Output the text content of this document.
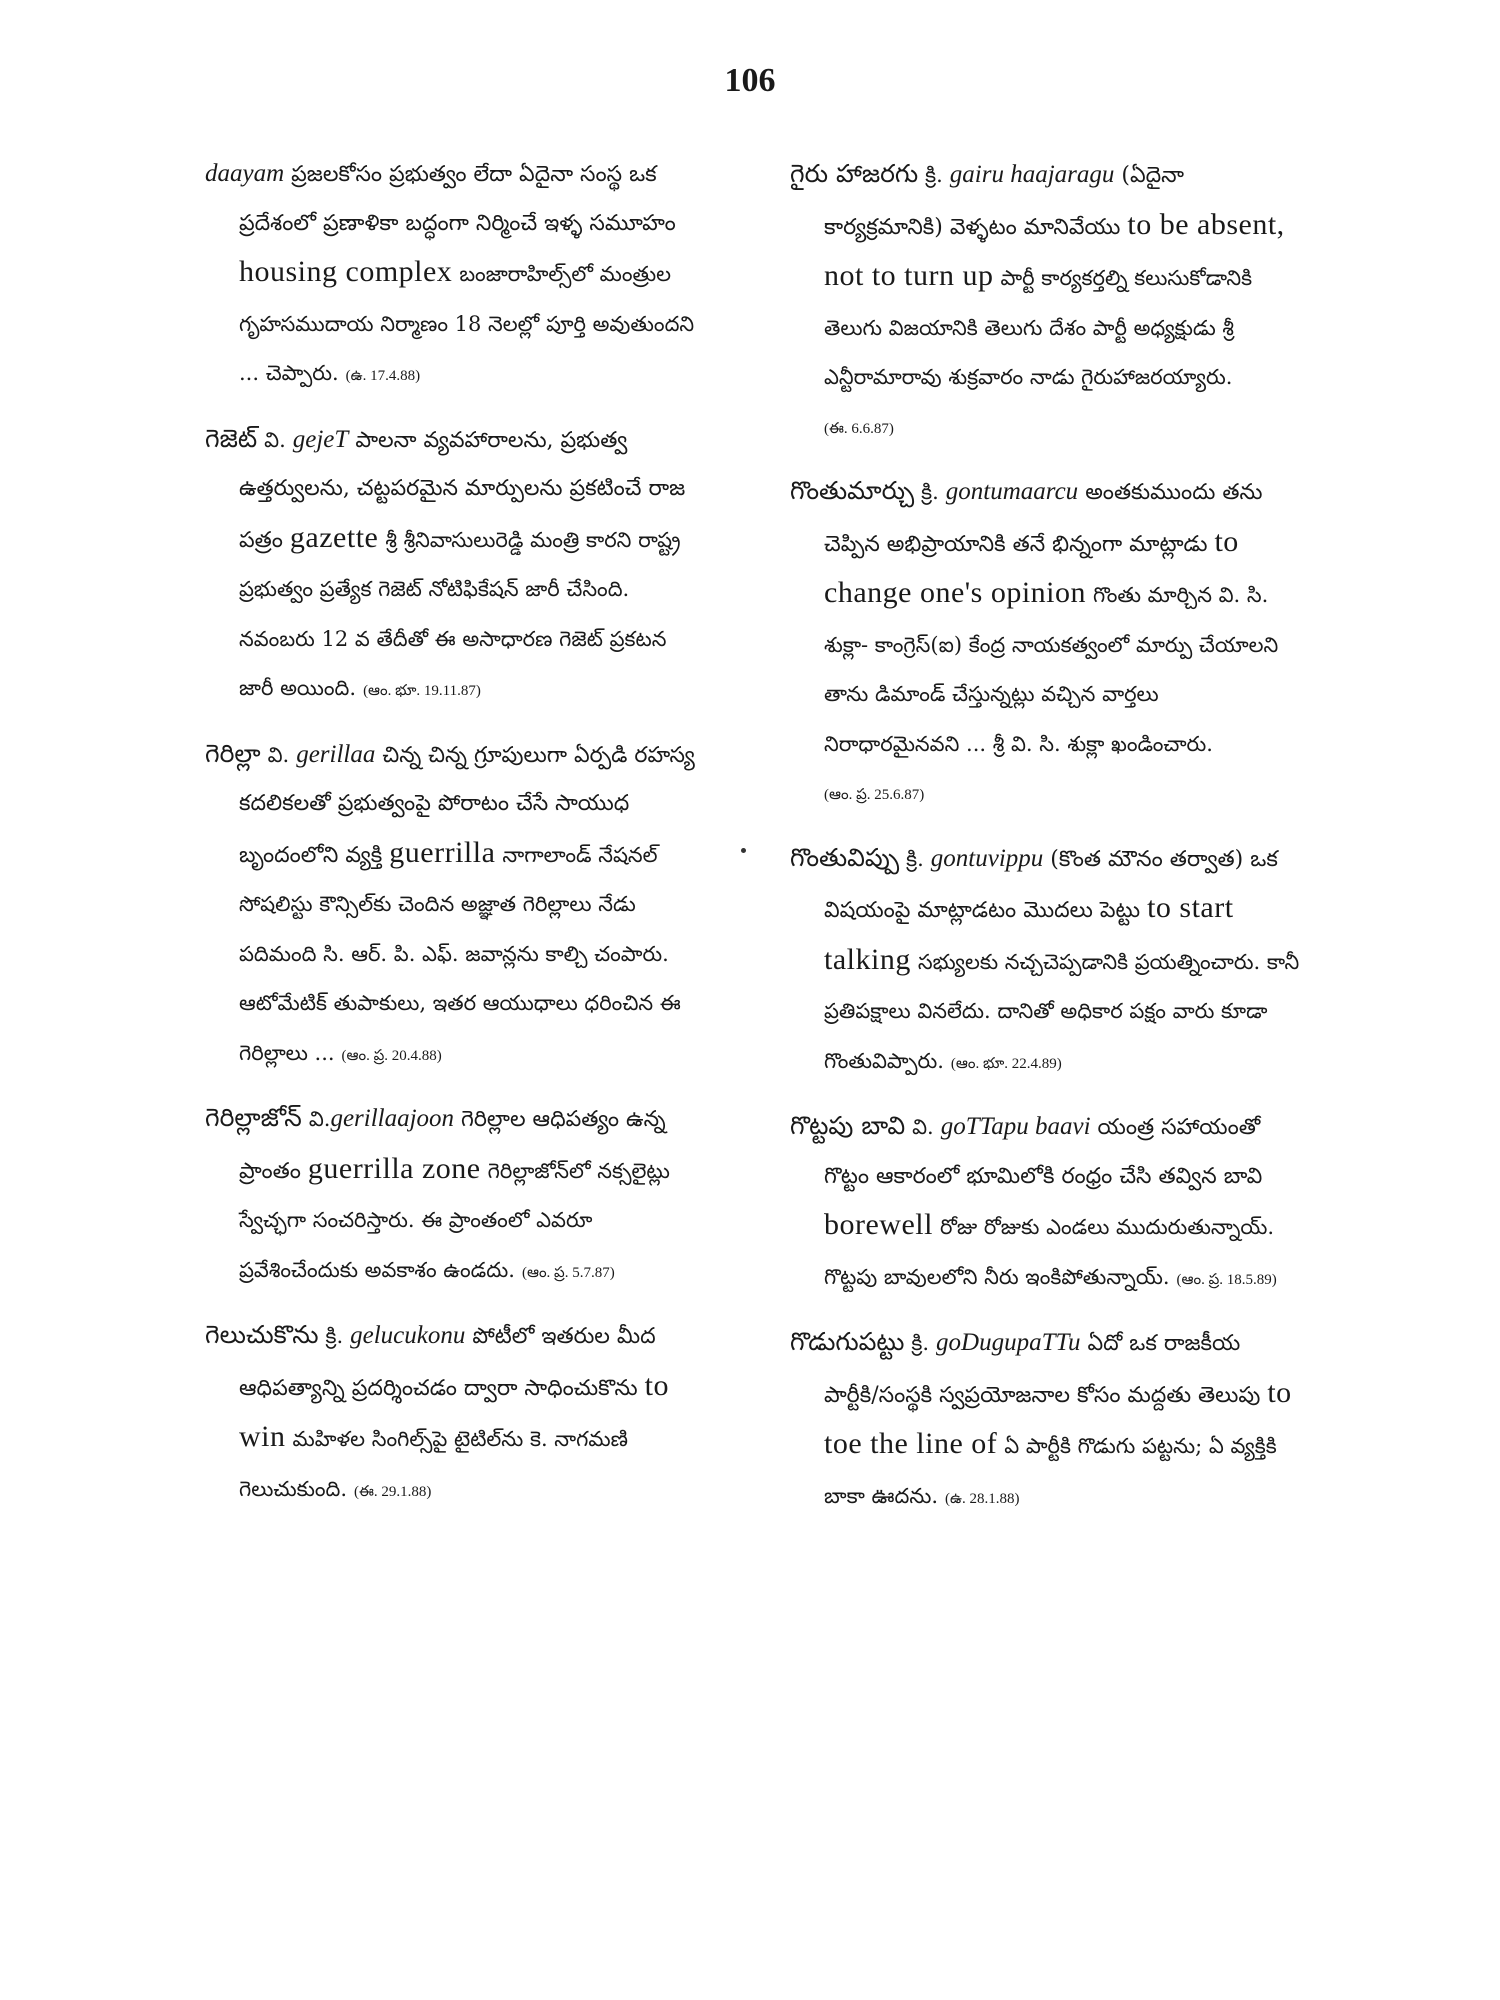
106

daayam ప్రజలకోసం ప్రభుత్వం లేదా ఏదైనా సంస్థ ఒక ప్రదేశంలో ప్రణాళికా బద్ధంగా నిర్మించే ఇళ్ళ సమూహం housing complex బంజారాహిల్స్‌లో మంత్రుల గృహసముదాయ నిర్మాణం 18 నెలల్లో పూర్తి అవుతుందని ... చెప్పారు. (ఉ. 17.4.88)

గెజెట్ వి. gejeT పాలనా వ్యవహారాలను, ప్రభుత్వ ఉత్తర్వులను, చట్టపరమైన మార్పులను ప్రకటించే రాజ పత్రం gazette శ్రీ శ్రీనివాసులురెడ్డి మంత్రి కారని రాష్ట్ర ప్రభుత్వం ప్రత్యేక గెజెట్ నోటిఫికేషన్ జారీ చేసింది. నవంబరు 12 వ తేదీతో ఈ అసాధారణ గెజెట్ ప్రకటన జారీ అయింది. (ఆం. భూ. 19.11.87)

గెరిల్లా వి. gerillaa చిన్న చిన్న గ్రూపులుగా ఏర్పడి రహస్య కదలికలతో ప్రభుత్వంపై పోరాటం చేసే సాయుధ బృందంలోని వ్యక్తి guerrilla నాగాలాండ్ నేషనల్ సోషలిస్టు కౌన్సిల్‌కు చెందిన అజ్ఞాత గెరిల్లాలు నేడు పదిమంది సి. ఆర్. పి. ఎఫ్. జవాన్లను కాల్చి చంపారు. ఆటోమేటిక్ తుపాకులు, ఇతర ఆయుధాలు ధరించిన ఈ గెరిల్లాలు ... (ఆం. ప్ర. 20.4.88)

గెరిల్లాజోన్ వి.gerillaajoon గెరిల్లాల ఆధిపత్యం ఉన్న ప్రాంతం guerrilla zone గెరిల్లాజోన్‌లో నక్సలైట్లు స్వేచ్ఛగా సంచరిస్తారు. ఈ ప్రాంతంలో ఎవరూ ప్రవేశించేందుకు అవకాశం ఉండదు. (ఆం. ప్ర. 5.7.87)

గెలుచుకొను క్రి. gelucukonu పోటీలో ఇతరుల మీద ఆధిపత్యాన్ని ప్రదర్శించడం ద్వారా సాధించుకొను to win మహిళల సింగిల్స్‌పై టైటిల్‌ను కె. నాగమణి గెలుచుకుంది. (ఈ. 29.1.88)

గైరు హాజరగు క్రి. gairu haajaragu (ఏదైనా కార్యక్రమానికి) వెళ్ళటం మానివేయు to be absent, not to turn up పార్టీ కార్యకర్తల్ని కలుసుకోడానికి తెలుగు విజయానికి తెలుగు దేశం పార్టీ అధ్యక్షుడు శ్రీ ఎన్టీరామారావు శుక్రవారం నాడు గైరుహాజరయ్యారు. (ఈ. 6.6.87)

గొంతుమార్చు క్రి. gontumaarcu అంతకుముందు తను చెప్పిన అభిప్రాయానికి తనే భిన్నంగా మాట్లాడు to change one's opinion గొంతు మార్చిన వి. సి. శుక్లా- కాంగ్రెస్(ఐ) కేంద్ర నాయకత్వంలో మార్పు చేయాలని తాను డిమాండ్ చేస్తున్నట్లు వచ్చిన వార్తలు నిరాధారమైనవని ... శ్రీ వి. సి. శుక్లా ఖండించారు. (ఆం. ప్ర. 25.6.87)

గొంతువిప్పు క్రి. gontuvippu (కొంత మౌనం తర్వాత) ఒక విషయంపై మాట్లాడటం మొదలు పెట్టు to start talking సభ్యులకు నచ్చచెప్పడానికి ప్రయత్నించారు. కానీ ప్రతిపక్షాలు వినలేదు. దానితో అధికార పక్షం వారు కూడా గొంతువిప్పారు. (ఆం. భూ. 22.4.89)

గొట్టపు బావి వి. goTTapu baavi యంత్ర సహాయంతో గొట్టం ఆకారంలో భూమిలోకి రంధ్రం చేసి తవ్విన బావి borewell రోజు రోజుకు ఎండలు ముదురుతున్నాయ్. గొట్టపు బావులలోని నీరు ఇంకిపోతున్నాయ్. (ఆం. ప్ర. 18.5.89)

గొడుగుపట్టు క్రి. goDugupaTTu ఏదో ఒక రాజకీయ పార్టీకి/సంస్థకి స్వప్రయోజనాల కోసం మద్దతు తెలుపు to toe the line of ఏ పార్టీకి గొడుగు పట్టను; ఏ వ్యక్తికి బాకా ఊదను. (ఉ. 28.1.88)
